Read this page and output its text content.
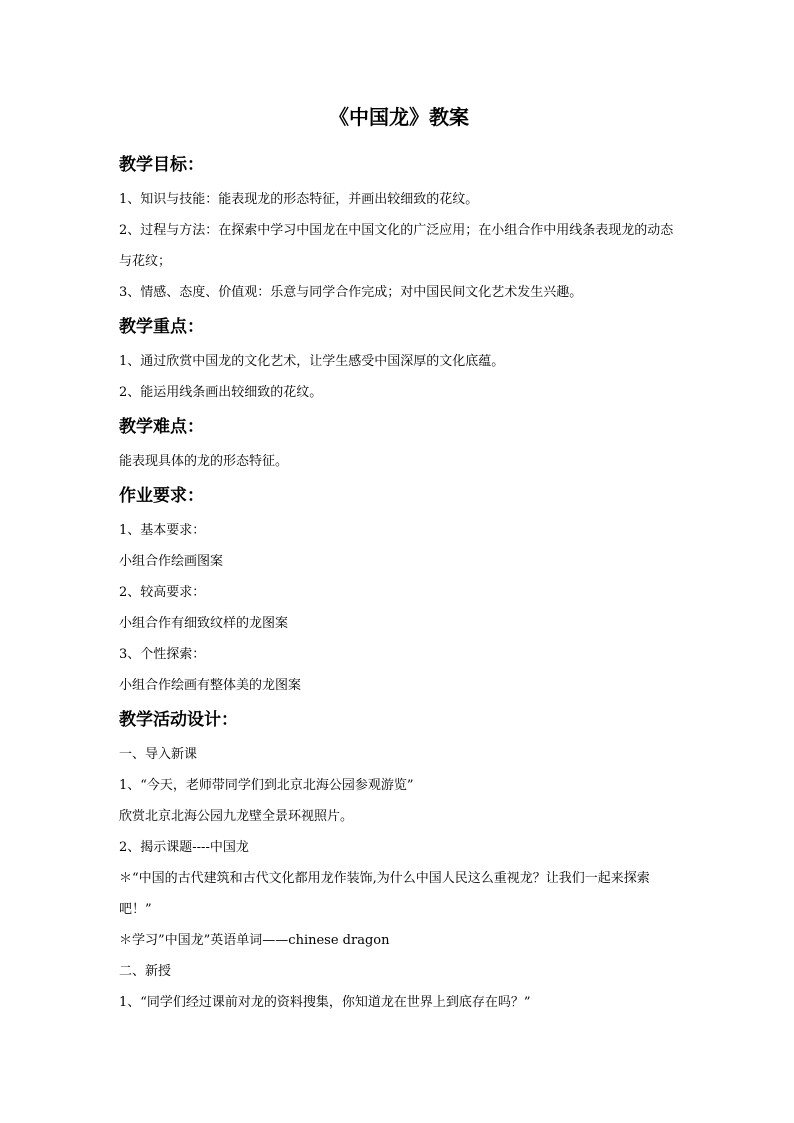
《中国龙》教案
教学目标：

1、知识与技能：能表现龙的形态特征，并画出较细致的花纹。

2、过程与方法：在探索中学习中国龙在中国文化的广泛应用；在小组合作中用线条表现龙的动态与花纹；

3、情感、态度、价值观：乐意与同学合作完成；对中国民间文化艺术发生兴趣。

教学重点：

1、通过欣赏中国龙的文化艺术，让学生感受中国深厚的文化底蕴。

2、能运用线条画出较细致的花纹。

教学难点：

能表现具体的龙的形态特征。

作业要求：

1、基本要求：

小组合作绘画图案

2、较高要求：

小组合作有细致纹样的龙图案

3、个性探索：

小组合作绘画有整体美的龙图案

教学活动设计：

一、导入新课

1、“今天，老师带同学们到北京北海公园参观游览”

欣赏北京北海公园九龙壁全景环视照片。

2、揭示课题----中国龙

＊“中国的古代建筑和古代文化都用龙作装饰,为什么中国人民这么重视龙？让我们一起来探索吧！”

＊学习”中国龙”英语单词——chinese dragon

二、新授

1、“同学们经过课前对龙的资料搜集，你知道龙在世界上到底存在吗？”
